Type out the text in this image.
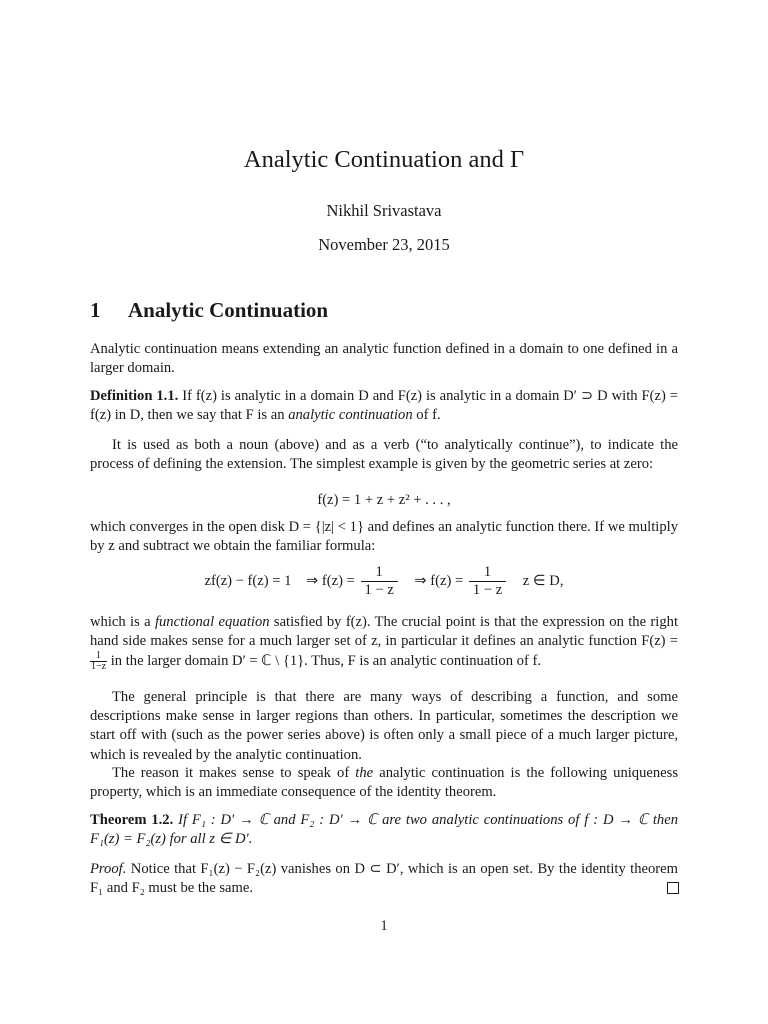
Analytic Continuation and Γ
Nikhil Srivastava
November 23, 2015
1 Analytic Continuation

Analytic continuation means extending an analytic function defined in a domain to one defined in a larger domain.

Definition 1.1. If f(z) is analytic in a domain D and F(z) is analytic in a domain D′ ⊃ D with F(z) = f(z) in D, then we say that F is an analytic continuation of f.

It is used as both a noun (above) and as a verb (“to analytically continue”), to indicate the process of defining the extension. The simplest example is given by the geometric series at zero:

f(z) = 1 + z + z² + . . . ,

which converges in the open disk D = {|z| < 1} and defines an analytic function there. If we multiply by z and subtract we obtain the familiar formula:

zf(z) − f(z) = 1 ⇒ $f(z) = \frac{1}{1 - z}$ ⇒ $f(z) = \frac{1}{1 - z}$ z ∈ D,

which is a functional equation satisfied by f(z). The crucial point is that the expression on the right hand side makes sense for a much larger set of z, in particular it defines an analytic function F(z) =
$\frac{1}{1-z}$ in the larger domain D′ = ℂ \ {1}. Thus, F is an analytic continuation of f.

The general principle is that there are many ways of describing a function, and some descriptions make sense in larger regions than others. In particular, sometimes the description we start off with (such as the power series above) is often only a small piece of a much larger picture, which is revealed by the analytic continuation.

The reason it makes sense to speak of the analytic continuation is the following uniqueness property, which is an immediate consequence of the identity theorem.

Theorem 1.2. If F₁ : D′ → ℂ and F₂ : D′ → ℂ are two analytic continuations of f : D → ℂ then F₁(z) = F₂(z) for all z ∈ D′.

Proof. Notice that F₁(z) − F₂(z) vanishes on D ⊂ D′, which is an open set. By the identity theorem F₁ and F₂ must be the same.

1
